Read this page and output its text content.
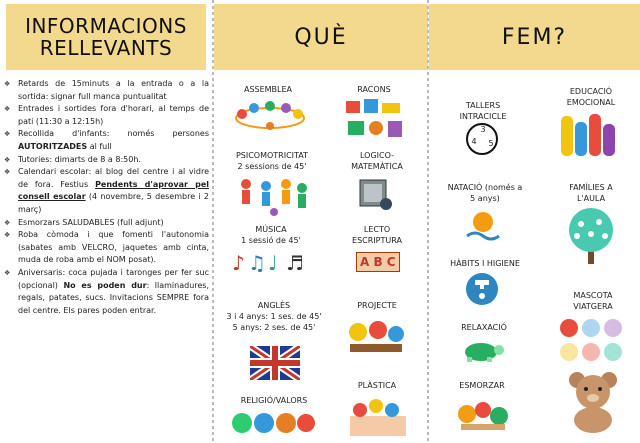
INFORMACIONS
RELLEVANTS
❖ Retards de 15minuts a la entrada o a la sortida: signar full manca puntualitat
❖ Entrades i sortides fora d'horari, al temps de pati (11:30 a 12:15h)
❖ Recollida d'infants: només persones AUTORITZADES al full
❖ Tutories: dimarts de 8 a 8:50h.
❖ Calendari escolar: al blog del centre i al vidre de fora. Festius Pendents d'aprovar pel consell escolar (4 novembre, 5 desembre i 2 març)
❖ Esmorzars SALUDABLES (full adjunt)
❖ Roba còmoda i que fomenti l'autonomia (sabates amb VELCRO, jaquetes amb cinta, muda de roba amb el NOM posat).
❖ Aniversaris: coca pujada i taronges per fer suc (opcional) No es poden dur: llaminadures, regals, patates, sucs. Invitacions SEMPRE fora del centre. Els pares poden entrar.
QUÈ
ASSEMBLEA	RACONS
PSICOMOTRICITAT
2 sessions de 45'
LOGICO-
MATEMÀTICA
MÚSICA
1 sessió de 45'
♪ ♫ ♩ ♬
LECTO
ESCRIPTURA
A B C
ANGLÈS
3 i 4 anys: 1 ses. de 45'
5 anys: 2 ses. de 45'
PROJECTE
RELIGIÓ/VALORS
PLÀSTICA
FEM?
TALLERS
INTRACICLE
3
4 5
EDUCACIÓ
EMOCIONAL
NATACIÓ (només a
5 anys)
FAMÍLIES A
L'AULA
HÀBITS I HIGIENE
RELAXACIÓ
MASCOTA
VIATGERA
ESMORZAR
